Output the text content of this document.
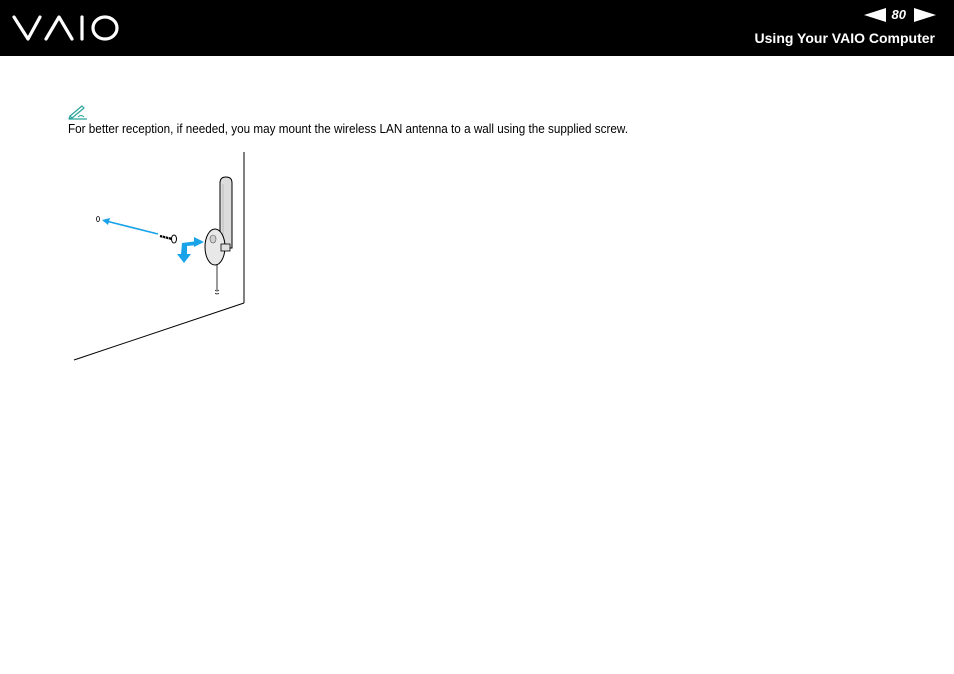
80
Using Your VAIO Computer
For better reception, if needed, you may mount the wireless LAN antenna to a wall using the supplied screw.
